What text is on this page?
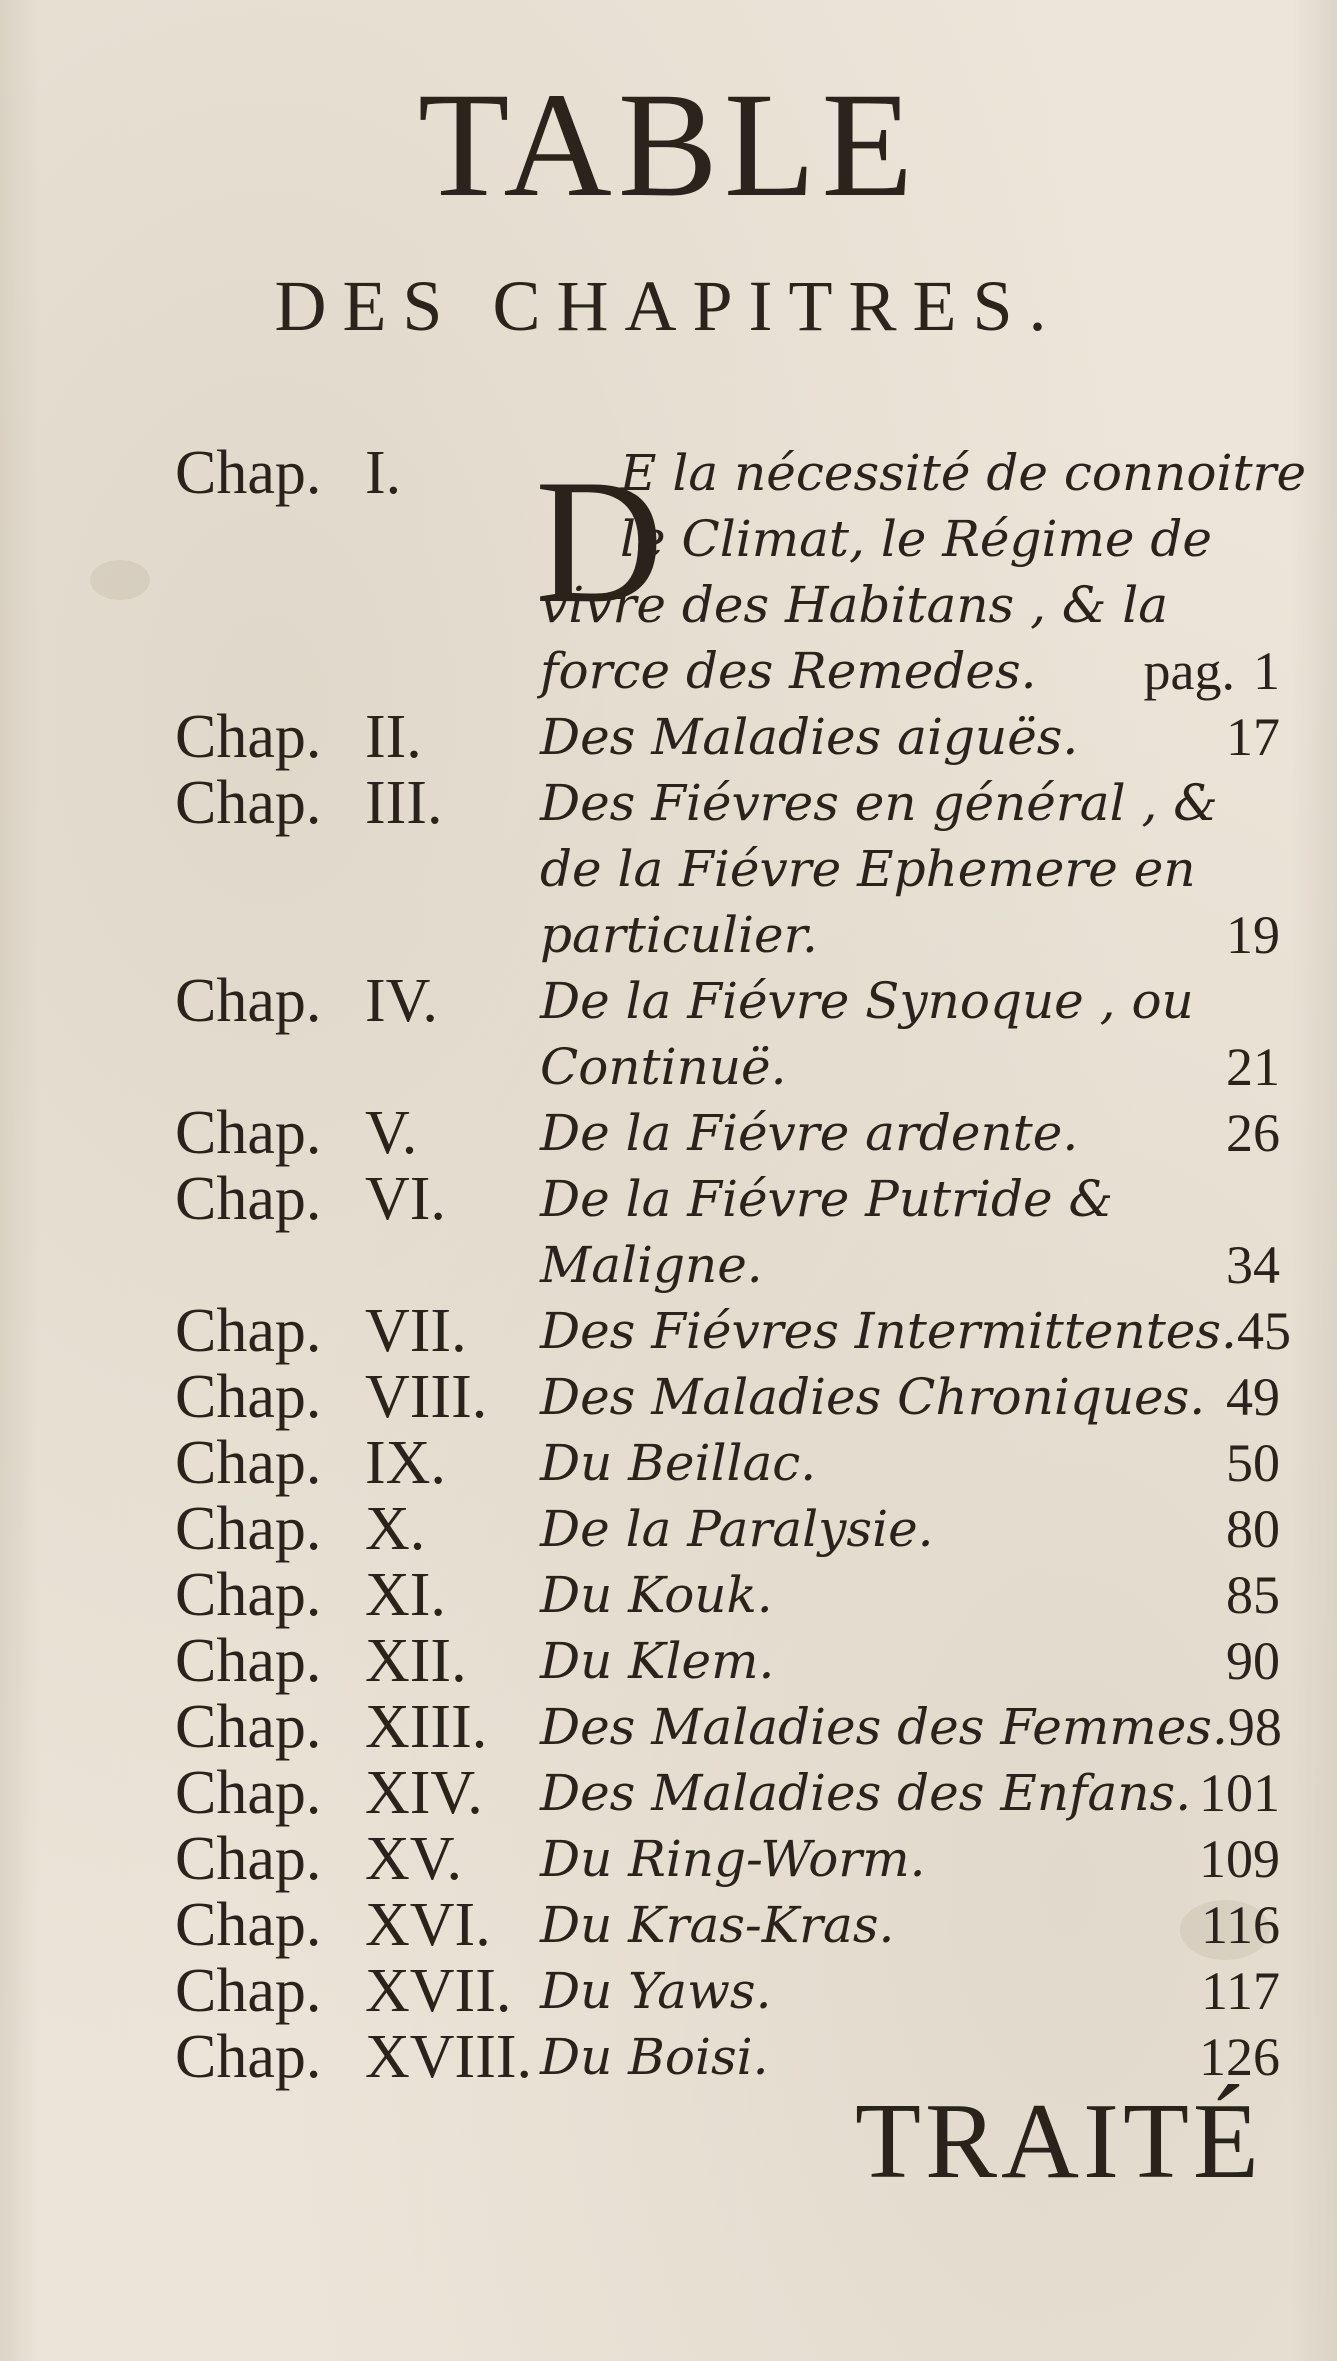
TABLE
DES CHAPITRES.
Chap. I. D
E la nécessité de connoitre
le Climat, le Régime de
vivre des Habitans , & la
force des Remedes. pag. 1
Chap. II. Des Maladies aiguës.	17
Chap. III. Des Fiévres en général , &
de la Fiévre Ephemere en
particulier.	19
Chap. IV. De la Fiévre Synoque , ou
Continuë.	21
Chap. V. De la Fiévre ardente.	26
Chap. VI. De la Fiévre Putride &
Maligne.	34
Chap. VII. Des Fiévres Intermittentes. 45
Chap. VIII. Des Maladies Chroniques. 49
Chap. IX. Du Beillac.	50
Chap. X. De la Paralysie.	80
Chap. XI. Du Kouk.	85
Chap. XII. Du Klem.	90
Chap. XIII. Des Maladies des Femmes. 98
Chap. XIV. Des Maladies des Enfans. 101
Chap. XV. Du Ring-Worm.	109
Chap. XVI. Du Kras-Kras.	116
Chap. XVII. Du Yaws.	117
Chap. XVIII. Du Boisi.	126
TRAITÉ
